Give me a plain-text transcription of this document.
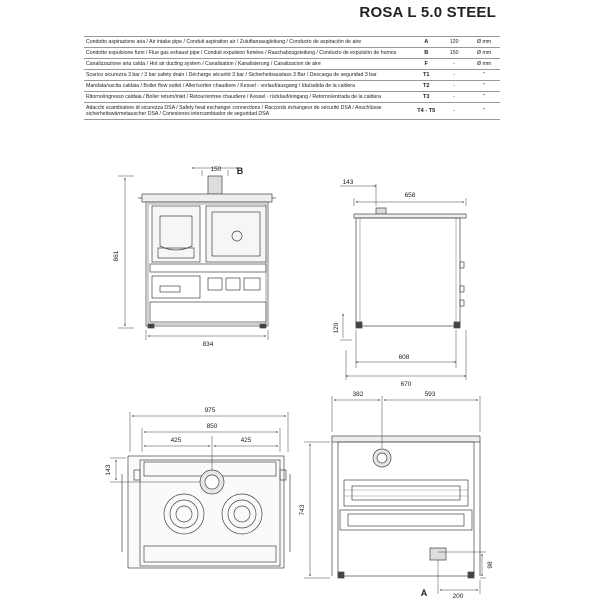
ROSA L 5.0 STEEL
Condotto aspirazione aria / Air intake pipe / Conduit aspiration air / Zuluftansaugleitung / Conducto de aspiración de aire	A	120	Ø mm
Condotto espulsione fumi / Flue gas exhaust pipe / Conduit expulsion fumées / Rauchabzugsleitung / Conducto de expulsión de humos	B	150	Ø mm
Canalizzazione aria calda / Hot air ducting system / Canalisation / Kanalisierung / Canalizacion de aire	F	-	Ø mm
Scarico sicurezza 3 bar / 3 bar safety drain / Décharge sécurité 3 bar / Sicherheitsauslass 3 Bar / Descarga de seguridad 3 bar	T1	-	"
Mandata/uscita caldaia / Boiler flow outlet / Aller/sortier chaudiere / Kessel - vorlauf/ausgang / Ida/salida de la caldera	T2	-	"
Ritorno/ingresso caldaia / Boiler return/inlet / Retour/entree chaudiere / Kessel - rücklauf/eingang / Retorno/entrada de la caldera	T3	-	"
Attacchi scambiatore di sicurezza DSA / Safety heat exchanger connections / Raccords échangeur de sécurité DSA / Anschlüsse sicherheitswärmetauscher DSA / Conexiones intercambiador de seguridad DSA	T4 - T5	-	"
150 B
861
834
658
143
120
608
670
975
850
425	425
143
382	593
743
98
200
A
